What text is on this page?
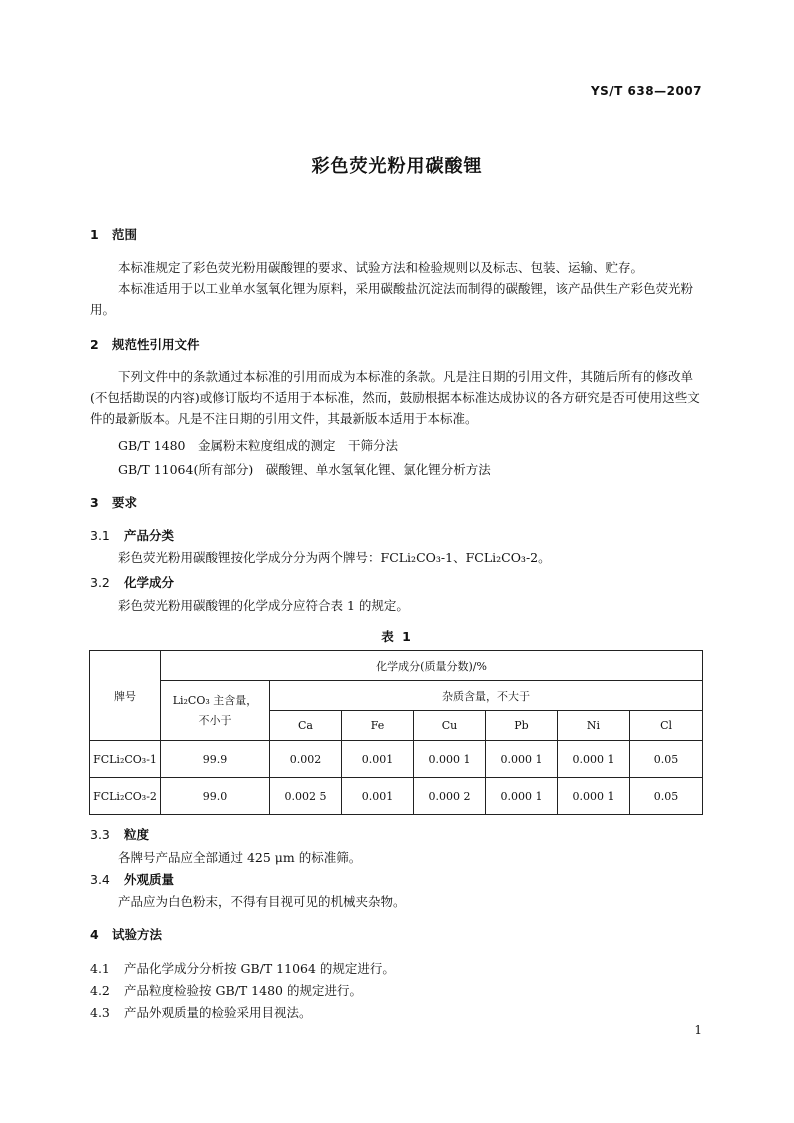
YS/T 638—2007
彩色荧光粉用碳酸锂
1 范围
本标准规定了彩色荧光粉用碳酸锂的要求、试验方法和检验规则以及标志、包装、运输、贮存。
本标准适用于以工业单水氢氧化锂为原料，采用碳酸盐沉淀法而制得的碳酸锂，该产品供生产彩色荧光粉用。
2 规范性引用文件
下列文件中的条款通过本标准的引用而成为本标准的条款。凡是注日期的引用文件，其随后所有的修改单(不包括勘误的内容)或修订版均不适用于本标准，然而，鼓励根据本标准达成协议的各方研究是否可使用这些文件的最新版本。凡是不注日期的引用文件，其最新版本适用于本标准。
GB/T 1480　金属粉末粒度组成的测定　干筛分法
GB/T 11064(所有部分)　碳酸锂、单水氢氧化锂、氯化锂分析方法
3 要求
3.1 产品分类
彩色荧光粉用碳酸锂按化学成分分为两个牌号：FCLi₂CO₃-1、FCLi₂CO₃-2。
3.2 化学成分
彩色荧光粉用碳酸锂的化学成分应符合表 1 的规定。
表 1
牌号	化学成分(质量分数)/%						
	Li₂CO₃ 主含量，
不小于	杂质含量，不大于					
		Ca	Fe	Cu	Pb	Ni	Cl
FCLi₂CO₃-1	99.9	0.002	0.001	0.000 1	0.000 1	0.000 1	0.05
FCLi₂CO₃-2	99.0	0.002 5	0.001	0.000 2	0.000 1	0.000 1	0.05
3.3 粒度
各牌号产品应全部通过 425 μm 的标准筛。
3.4 外观质量
产品应为白色粉末，不得有目视可见的机械夹杂物。
4 试验方法
4.1 产品化学成分分析按 GB/T 11064 的规定进行。
4.2 产品粒度检验按 GB/T 1480 的规定进行。
4.3 产品外观质量的检验采用目视法。
1
